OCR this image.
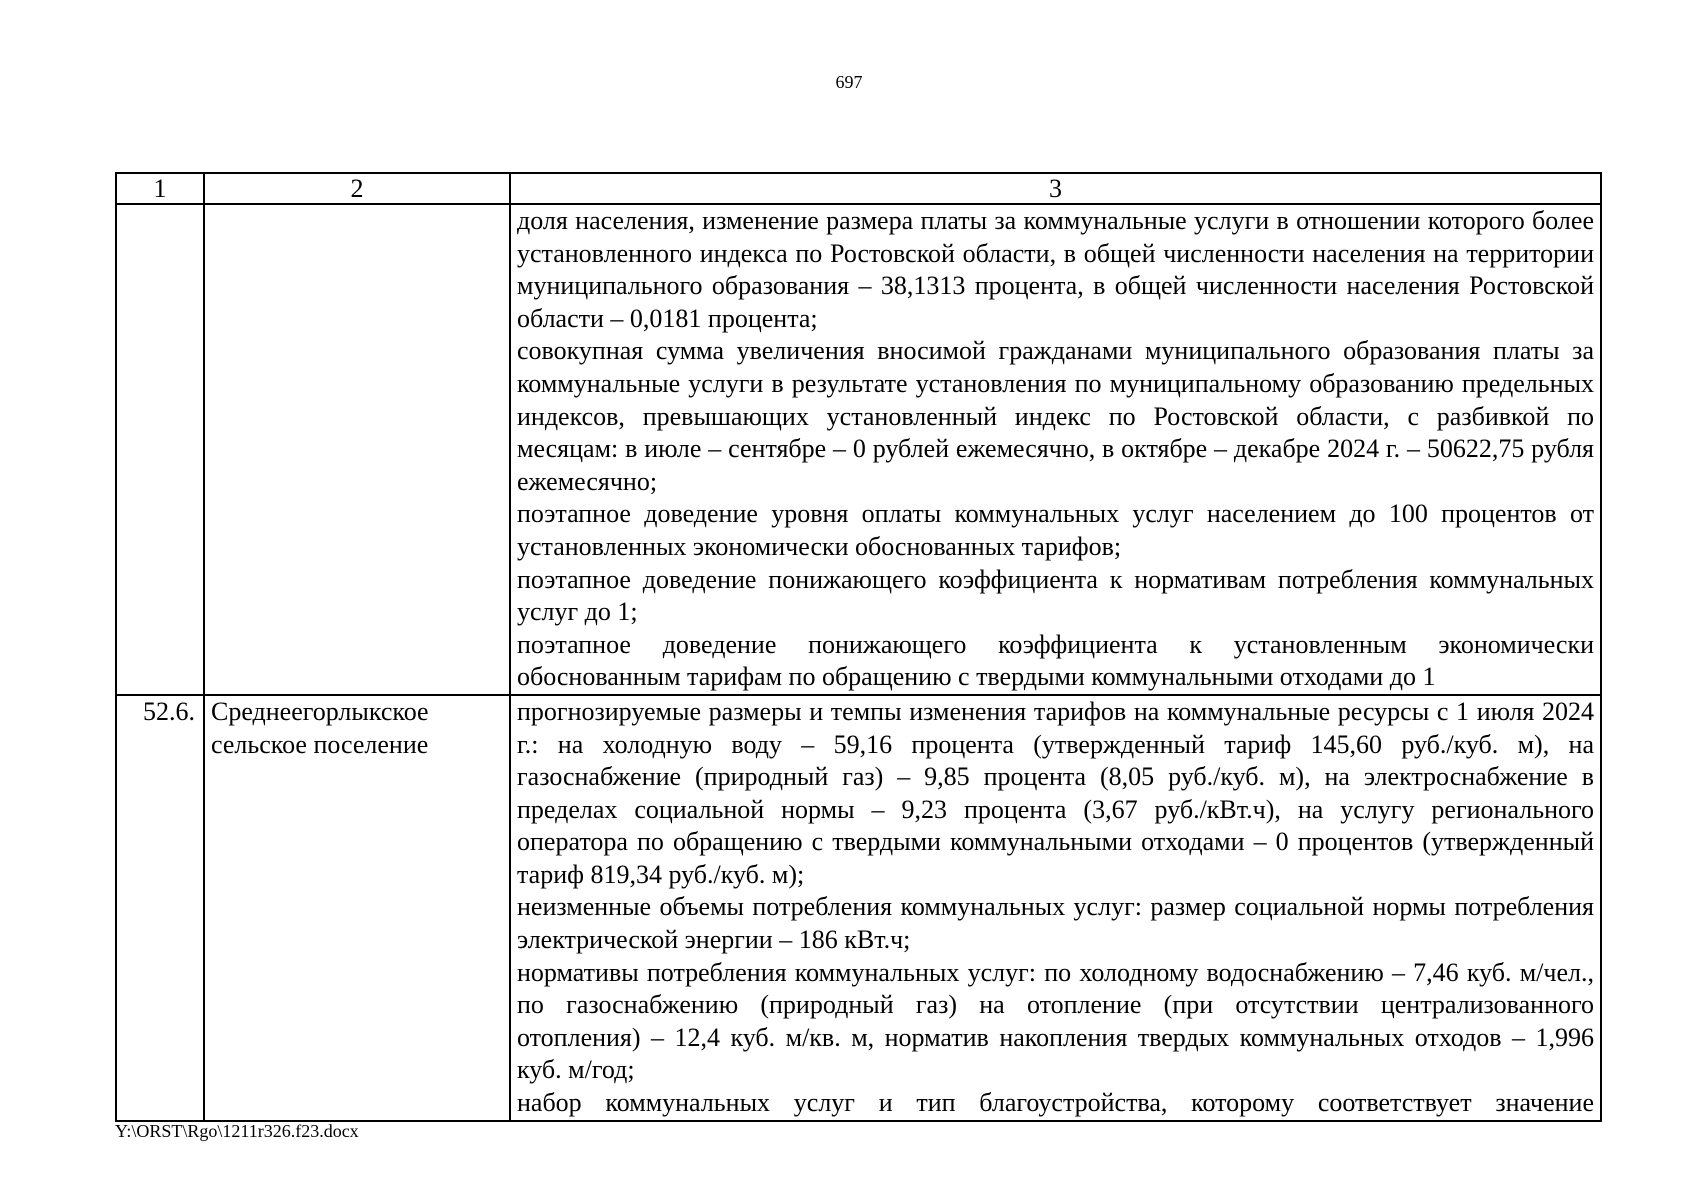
697
1	2	3

		доля населения, изменение размера платы за коммунальные услуги в отношении которого более установленного индекса по Ростовской области, в общей численности населения на территории муниципального образования – 38,1313 процента, в общей численности населения Ростовской области – 0,0181 процента;

совокупная сумма увеличения вносимой гражданами муниципального образования платы за коммунальные услуги в результате установления по муниципальному образованию предельных индексов, превышающих установленный индекс по Ростовской области, с разбивкой по месяцам: в июле – сентябре – 0 рублей ежемесячно, в октябре – декабре 2024 г. – 50622,75 рубля ежемесячно;

поэтапное доведение уровня оплаты коммунальных услуг населением до 100 процентов от установленных экономически обоснованных тарифов;

поэтапное доведение понижающего коэффициента к нормативам потребления коммунальных услуг до 1;

поэтапное доведение понижающего коэффициента к установленным экономически обоснованным тарифам по обращению с твердыми коммунальными отходами до 1

52.6.	Среднеегорлыкское сельское поселение	прогнозируемые размеры и темпы изменения тарифов на коммунальные ресурсы с 1 июля 2024 г.: на холодную воду – 59,16 процента (утвержденный тариф 145,60 руб./куб. м), на газоснабжение (природный газ) – 9,85 процента (8,05 руб./куб. м), на электроснабжение в пределах социальной нормы – 9,23 процента (3,67 руб./кВт.ч), на услугу регионального оператора по обращению с твердыми коммунальными отходами – 0 процентов (утвержденный тариф 819,34 руб./куб. м);

неизменные объемы потребления коммунальных услуг: размер социальной нормы потребления электрической энергии – 186 кВт.ч;

нормативы потребления коммунальных услуг: по холодному водоснабжению – 7,46 куб. м/чел., по газоснабжению (природный газ) на отопление (при отсутствии централизованного отопления) – 12,4 куб. м/кв. м, норматив накопления твердых коммунальных отходов – 1,996 куб. м/год;

набор коммунальных услуг и тип благоустройства, которому соответствует значение

Y:\ORST\Rgo\1211r326.f23.docx
